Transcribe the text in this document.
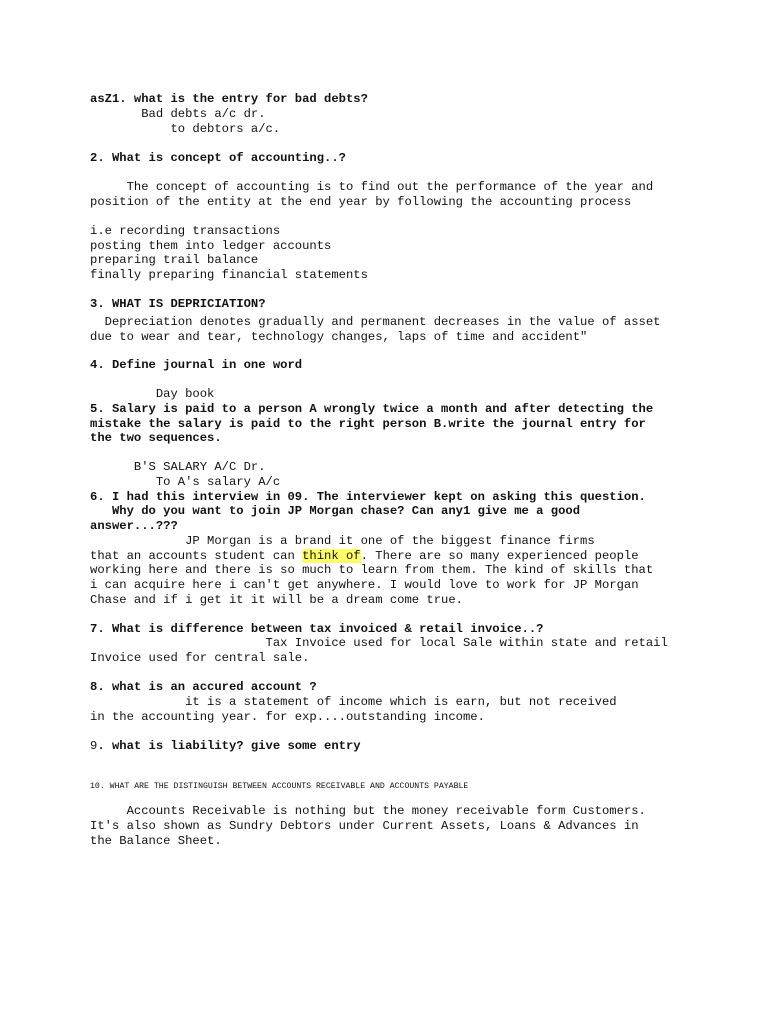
asZ1. what is the entry for bad debts?

Bad debts a/c dr.

to debtors a/c.

2. What is concept of accounting..?

The concept of accounting is to find out the performance of the year and

position of the entity at the end year by following the accounting process

i.e recording transactions

posting them into ledger accounts

preparing trail balance

finally preparing financial statements

3. WHAT IS DEPRICIATION?

Depreciation denotes gradually and permanent decreases in the value of asset

due to wear and tear, technology changes, laps of time and accident"

4. Define journal in one word

Day book

5. Salary is paid to a person A wrongly twice a month and after detecting the

mistake the salary is paid to the right person B.write the journal entry for

the two sequences.

B'S SALARY A/C Dr.

To A's salary A/c

6. I had this interview in 09. The interviewer kept on asking this question.

Why do you want to join JP Morgan chase? Can any1 give me a good

answer...???

JP Morgan is a brand it one of the biggest finance firms

that an accounts student can think of. There are so many experienced people

working here and there is so much to learn from them. The kind of skills that

i can acquire here i can't get anywhere. I would love to work for JP Morgan

Chase and if i get it it will be a dream come true.

7. What is difference between tax invoiced & retail invoice..?

Tax Invoice used for local Sale within state and retail

Invoice used for central sale.

8. what is an accured account ?

it is a statement of income which is earn, but not received

in the accounting year. for exp....outstanding income.

9. what is liability? give some entry

10. WHAT ARE THE DISTINGUISH BETWEEN ACCOUNTS RECEIVABLE AND ACCOUNTS PAYABLE

Accounts Receivable is nothing but the money receivable form Customers.

It's also shown as Sundry Debtors under Current Assets, Loans & Advances in

the Balance Sheet.
